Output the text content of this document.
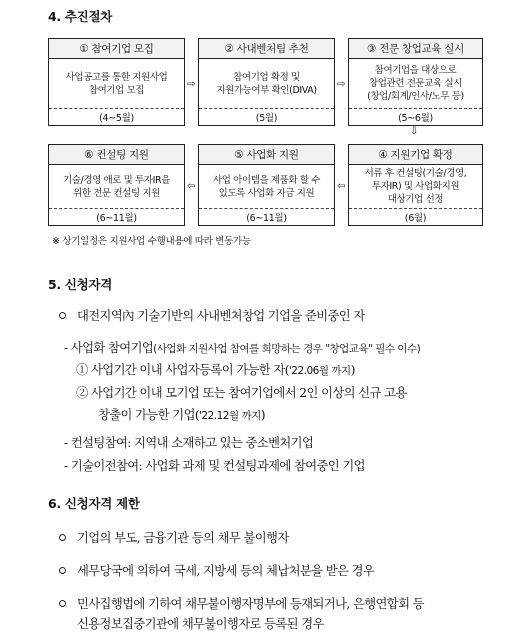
4. 추진절차
① 참여기업 모집
사업공고를 통한 지원사업
참여기업 모집
(4~5월)
⇨
② 사내벤처팀 추천
참여기업 확정 및
지원가능여부 확인(DIVA)
(5월)
⇨
③ 전문 창업교육 실시
참여기업을 대상으로
창업관련 전문교육 실시
(창업/회계/인사/노무 등)
(5~6월)
⇩
⑥ 컨설팅 지원
기술/경영 애로 및 투자IR을
위한 전문 컨설팅 지원
(6~11월)
⇦
⑤ 사업화 지원
사업 아이템을 제품화 할 수
있도록 사업화 자금 지원
(6~11월)
⇦
④ 지원기업 확정
서류 후 컨설팅(기술/경영,
투자IR) 및 사업화지원
대상기업 선정
(6월)
※ 상기일정은 지원사업 수행내용에 따라 변동가능
5. 신청자격
대전지역內 기술기반의 사내벤처창업 기업을 준비중인 자
- 사업화 참여기업(사업화 지원사업 참여를 희망하는 경우 "창업교육" 필수 이수)
① 사업기간 이내 사업자등록이 가능한 자('22.06월 까지)
② 사업기간 이내 모기업 또는 참여기업에서 2인 이상의 신규 고용
창출이 가능한 기업('22.12월 까지)
- 컨설팅참여: 지역내 소재하고 있는 중소벤처기업
- 기술이전참여: 사업화 과제 및 컨설팅과제에 참여중인 기업
6. 신청자격 제한
기업의 부도, 금융기관 등의 채무 불이행자
세무당국에 의하여 국세, 지방세 등의 체납처분을 받은 경우
민사집행법에 기하여 채무불이행자명부에 등재되거나, 은행연합회 등
신용정보집중기관에 채무불이행자로 등록된 경우
